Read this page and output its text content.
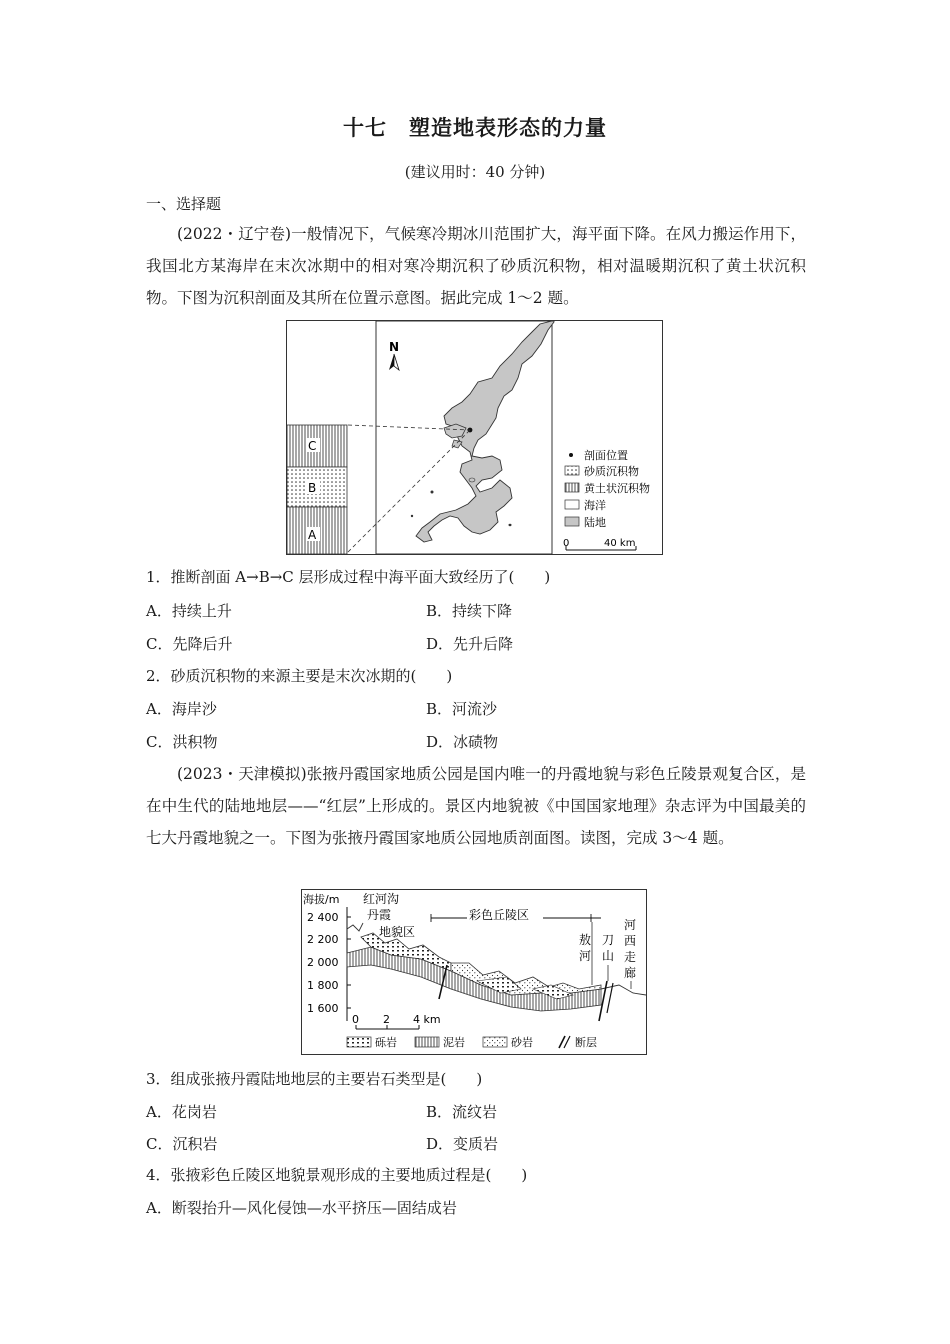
十七　塑造地表形态的力量
(建议用时：40 分钟)
一、选择题
(2022・辽宁卷)一般情况下，气候寒冷期冰川范围扩大，海平面下降。在风力搬运作用下，我国北方某海岸在末次冰期中的相对寒冷期沉积了砂质沉积物，相对温暖期沉积了黄土状沉积物。下图为沉积剖面及其所在位置示意图。据此完成 1～2 题。
N
C
B
A
剖面位置
砂质沉积物
黄土状沉积物
海洋
陆地
0	40 km
1．推断剖面 A→B→C 层形成过程中海平面大致经历了(　　)
A．持续上升	B．持续下降
C．先降后升	D．先升后降
2．砂质沉积物的来源主要是末次冰期的(　　)
A．海岸沙	B．河流沙
C．洪积物	D．冰碛物
(2023・天津模拟)张掖丹霞国家地质公园是国内唯一的丹霞地貌与彩色丘陵景观复合区，是在中生代的陆地地层——“红层”上形成的。景区内地貌被《中国国家地理》杂志评为中国最美的七大丹霞地貌之一。下图为张掖丹霞国家地质公园地质剖面图。读图，完成 3～4 题。
海拔/m
2 400
2 200
2 000
1 800
1 600
红河沟
丹霞
地貌区
彩色丘陵区
敖
河
刀
山
河
西
走
廊
0 2 4 km
砾岩	泥岩	砂岩	断层
3．组成张掖丹霞陆地地层的主要岩石类型是(　　)
A．花岗岩	B．流纹岩
C．沉积岩	D．变质岩
4．张掖彩色丘陵区地貌景观形成的主要地质过程是(　　)
A．断裂抬升—风化侵蚀—水平挤压—固结成岩
